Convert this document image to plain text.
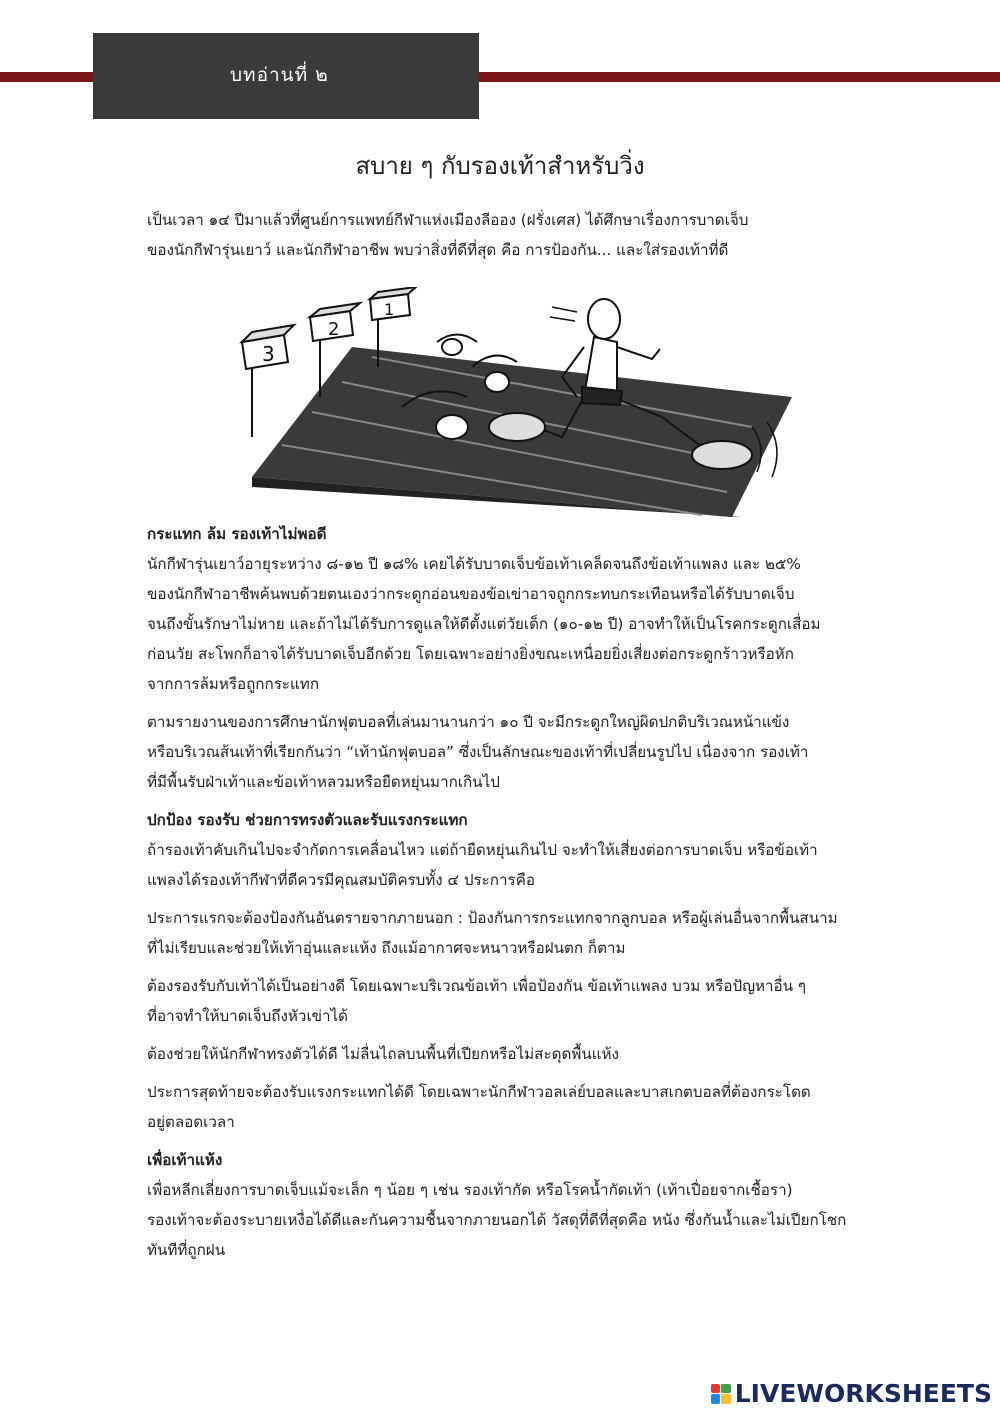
บทอ่านที่ ๒
สบาย ๆ กับรองเท้าสำหรับวิ่ง

เป็นเวลา ๑๔ ปีมาแล้วที่ศูนย์การแพทย์กีฬาแห่งเมืองลีออง (ฝรั่งเศส) ได้ศึกษาเรื่องการบาดเจ็บ
ของนักกีฬารุ่นเยาว์ และนักกีฬาอาชีพ พบว่าสิ่งที่ดีที่สุด คือ การป้องกัน... และใส่รองเท้าที่ดี

3
2
1

กระแทก ล้ม รองเท้าไม่พอดี

นักกีฬารุ่นเยาว์อายุระหว่าง ๘-๑๒ ปี ๑๘% เคยได้รับบาดเจ็บข้อเท้าเคล็ดจนถึงข้อเท้าแพลง และ ๒๕%
ของนักกีฬาอาชีพค้นพบด้วยตนเองว่ากระดูกอ่อนของข้อเข่าอาจถูกกระทบกระเทือนหรือได้รับบาดเจ็บ
จนถึงขั้นรักษาไม่หาย และถ้าไม่ได้รับการดูแลให้ดีตั้งแต่วัยเด็ก (๑๐-๑๒ ปี) อาจทำให้เป็นโรคกระดูกเสื่อม
ก่อนวัย สะโพกก็อาจได้รับบาดเจ็บอีกด้วย โดยเฉพาะอย่างยิ่งขณะเหนื่อยยิ่งเสี่ยงต่อกระดูกร้าวหรือหัก
จากการล้มหรือถูกกระแทก

ตามรายงานของการศึกษานักฟุตบอลที่เล่นมานานกว่า ๑๐ ปี จะมีกระดูกใหญ่ผิดปกติบริเวณหน้าแข้ง
หรือบริเวณส้นเท้าที่เรียกกันว่า “เท้านักฟุตบอล” ซึ่งเป็นลักษณะของเท้าที่เปลี่ยนรูปไป เนื่องจาก รองเท้า
ที่มีพื้นรับฝ่าเท้าและข้อเท้าหลวมหรือยืดหยุ่นมากเกินไป

ปกป้อง รองรับ ช่วยการทรงตัวและรับแรงกระแทก

ถ้ารองเท้าคับเกินไปจะจำกัดการเคลื่อนไหว แต่ถ้ายืดหยุ่นเกินไป จะทำให้เสี่ยงต่อการบาดเจ็บ หรือข้อเท้า
แพลงได้รองเท้ากีฬาที่ดีควรมีคุณสมบัติครบทั้ง ๔ ประการคือ

ประการแรกจะต้องป้องกันอันตรายจากภายนอก : ป้องกันการกระแทกจากลูกบอล หรือผู้เล่นอื่นจากพื้นสนาม
ที่ไม่เรียบและช่วยให้เท้าอุ่นและแห้ง ถึงแม้อากาศจะหนาวหรือฝนตก ก็ตาม

ต้องรองรับกับเท้าได้เป็นอย่างดี โดยเฉพาะบริเวณข้อเท้า เพื่อป้องกัน ข้อเท้าแพลง บวม หรือปัญหาอื่น ๆ
ที่อาจทำให้บาดเจ็บถึงหัวเข่าได้

ต้องช่วยให้นักกีฬาทรงตัวได้ดี ไม่ลื่นไถลบนพื้นที่เปียกหรือไม่สะดุดพื้นแห้ง

ประการสุดท้ายจะต้องรับแรงกระแทกได้ดี โดยเฉพาะนักกีฬาวอลเล่ย์บอลและบาสเกตบอลที่ต้องกระโดด
อยู่ตลอดเวลา

เพื่อเท้าแห้ง

เพื่อหลีกเลี่ยงการบาดเจ็บแม้จะเล็ก ๆ น้อย ๆ เช่น รองเท้ากัด หรือโรคน้ำกัดเท้า (เท้าเปื่อยจากเชื้อรา)
รองเท้าจะต้องระบายเหงื่อได้ดีและกันความชื้นจากภายนอกได้ วัสดุที่ดีที่สุดคือ หนัง ซึ่งกันน้ำและไม่เปียกโชก
ทันทีที่ถูกฝน

LIVEWORKSHEETS
